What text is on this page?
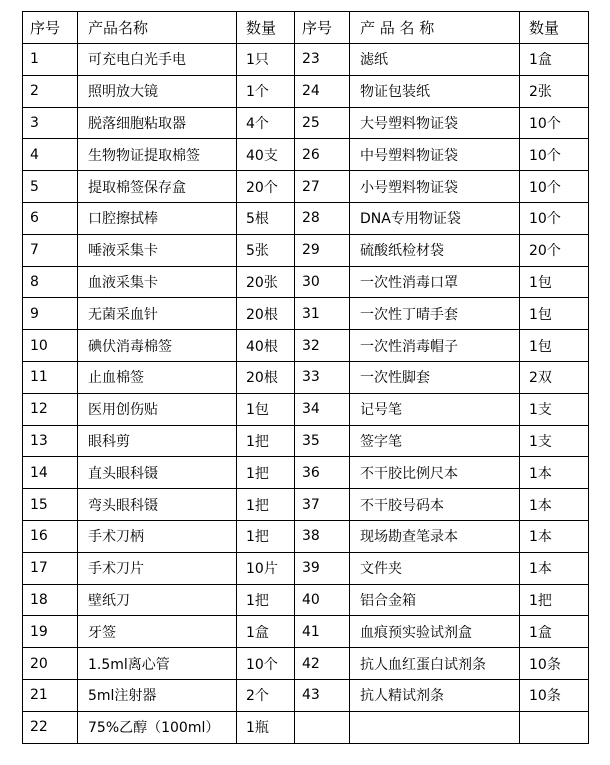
序号	产品名称	数量	序号	产 品 名 称	数量
1	可充电白光手电	1只	23	滤纸	1盒
2	照明放大镜	1个	24	物证包装纸	2张
3	脱落细胞粘取器	4个	25	大号塑料物证袋	10个
4	生物物证提取棉签	40支	26	中号塑料物证袋	10个
5	提取棉签保存盒	20个	27	小号塑料物证袋	10个
6	口腔擦拭棒	5根	28	DNA专用物证袋	10个
7	唾液采集卡	5张	29	硫酸纸检材袋	20个
8	血液采集卡	20张	30	一次性消毒口罩	1包
9	无菌采血针	20根	31	一次性丁晴手套	1包
10	碘伏消毒棉签	40根	32	一次性消毒帽子	1包
11	止血棉签	20根	33	一次性脚套	2双
12	医用创伤贴	1包	34	记号笔	1支
13	眼科剪	1把	35	签字笔	1支
14	直头眼科镊	1把	36	不干胶比例尺本	1本
15	弯头眼科镊	1把	37	不干胶号码本	1本
16	手术刀柄	1把	38	现场勘查笔录本	1本
17	手术刀片	10片	39	文件夹	1本
18	壁纸刀	1把	40	铝合金箱	1把
19	牙签	1盒	41	血痕预实验试剂盒	1盒
20	1.5ml离心管	10个	42	抗人血红蛋白试剂条	10条
21	5ml注射器	2个	43	抗人精试剂条	10条
22	75%乙醇（100ml）	1瓶			
